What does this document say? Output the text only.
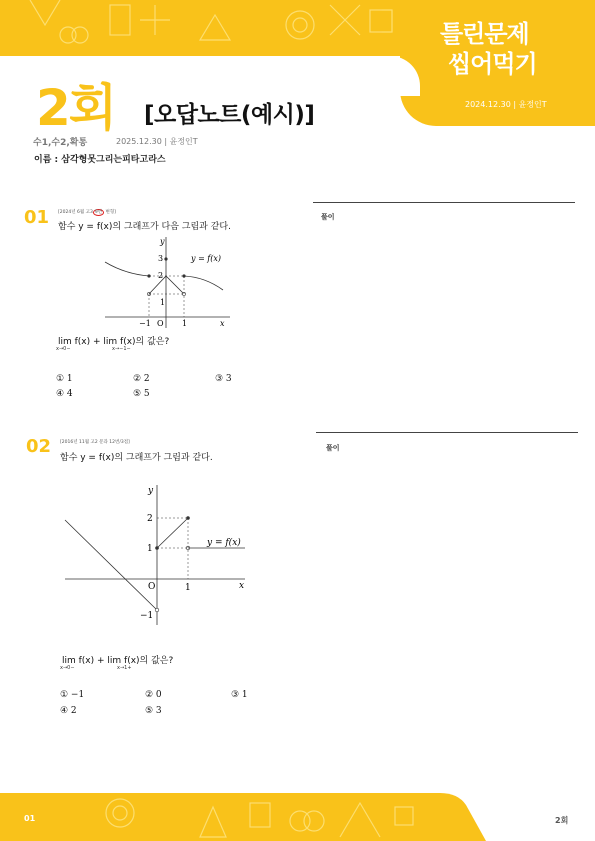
틀린문제
씹어먹기
2024.12.30 | 윤정인T
2회 [오답노트(예시)]
수1,수2,확통	2025.12.30 | 윤정인T
이름 : 삼각형못그리는피타고라스
01 [2024년 6월 고3 9번 변형]
함수 y = f(x)의 그래프가 다음 그림과 같다.
y
x
y = f(x)
3
2
1
−1 O 1
lim f(x) + lim f(x)의 값은?
x→0−	x→−1−
① 1	② 2	③ 3
④ 4	⑤ 5
풀이
02 [2016년 11월 고2 문과 12번/3점]
함수 y = f(x)의 그래프가 그림과 같다.
y
x
y = f(x)
2
1
−1
O	1
lim f(x) + lim f(x)의 값은?
x→0−	x→1+
① −1	② 0	③ 1
④ 2	⑤ 3
풀이
01	2회
